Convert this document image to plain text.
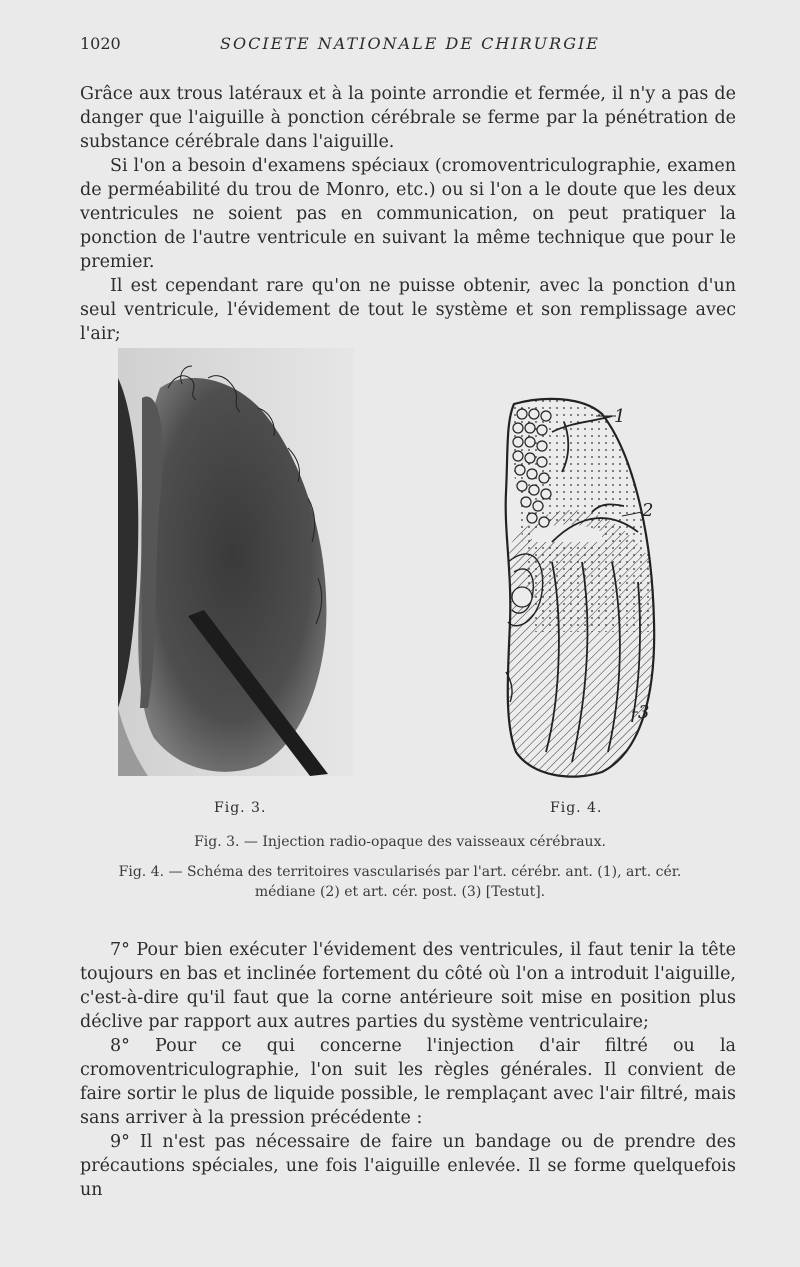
1020	SOCIETE NATIONALE DE CHIRURGIE

Grâce aux trous latéraux et à la pointe arrondie et fermée, il n'y a pas de danger que l'aiguille à ponction cérébrale se ferme par la pénétration de substance cérébrale dans l'aiguille.

Si l'on a besoin d'examens spéciaux (cromoventriculographie, examen de perméabilité du trou de Monro, etc.) ou si l'on a le doute que les deux ventricules ne soient pas en communication, on peut pratiquer la ponction de l'autre ventricule en suivant la même technique que pour le premier.

Il est cependant rare qu'on ne puisse obtenir, avec la ponction d'un seul ventricule, l'évidement de tout le système et son remplissage avec l'air;

1
2
3
Fig. 3.	Fig. 4.
Fig. 3. — Injection radio-opaque des vaisseaux cérébraux.
Fig. 4. — Schéma des territoires vascularisés par l'art. cérébr. ant. (1), art. cér. médiane (2) et art. cér. post. (3) [Testut].

7° Pour bien exécuter l'évidement des ventricules, il faut tenir la tête toujours en bas et inclinée fortement du côté où l'on a introduit l'aiguille, c'est-à-dire qu'il faut que la corne antérieure soit mise en position plus déclive par rapport aux autres parties du système ventriculaire;

8° Pour ce qui concerne l'injection d'air filtré ou la cromoventriculographie, l'on suit les règles générales. Il convient de faire sortir le plus de liquide possible, le remplaçant avec l'air filtré, mais sans arriver à la pression précédente :

9° Il n'est pas nécessaire de faire un bandage ou de prendre des précautions spéciales, une fois l'aiguille enlevée. Il se forme quelquefois un
